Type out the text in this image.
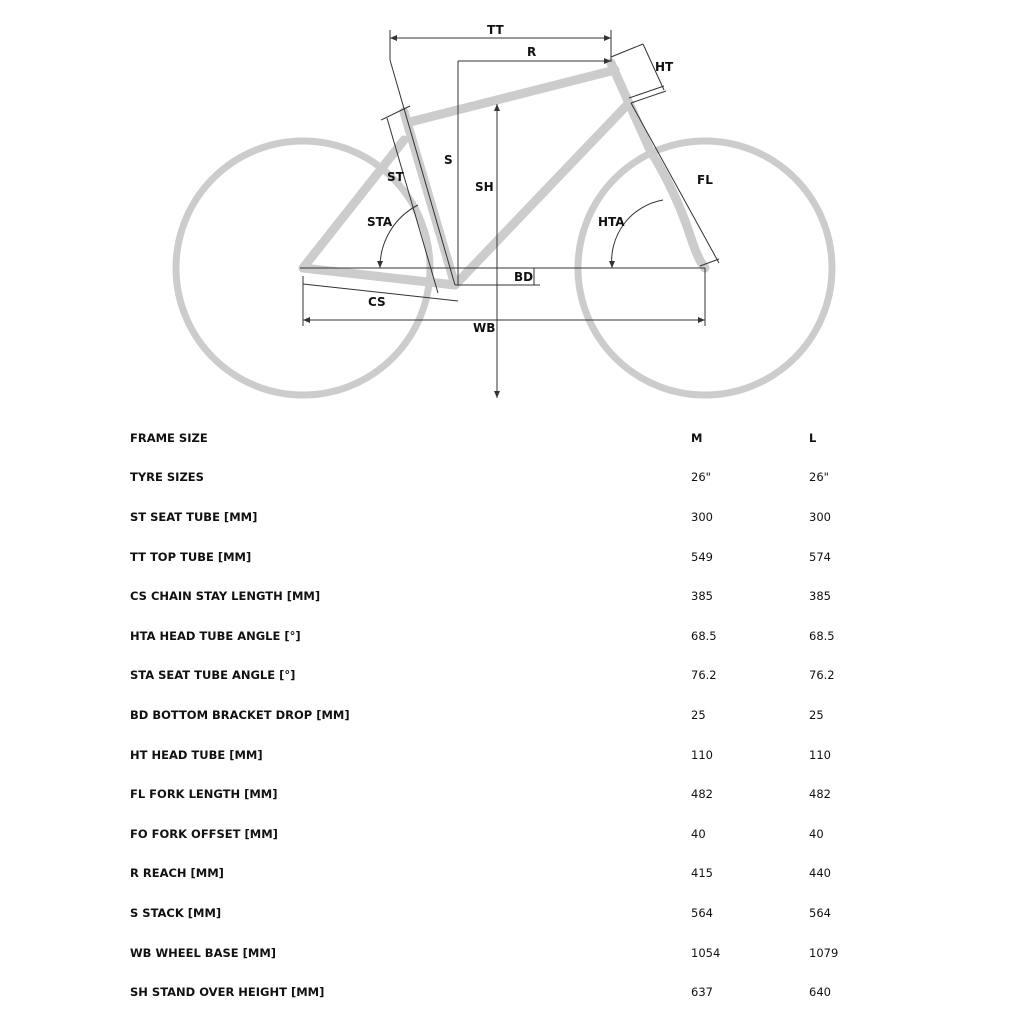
TT
R
HT
S
ST
SH	FL
STA	HTA
BD
CS
WB
FRAME SIZE	M	L
TYRE SIZES	26"	26"
ST SEAT TUBE [MM]	300	300
TT TOP TUBE [MM]	549	574
CS CHAIN STAY LENGTH [MM]	385	385
HTA HEAD TUBE ANGLE [°]	68.5	68.5
STA SEAT TUBE ANGLE [°]	76.2	76.2
BD BOTTOM BRACKET DROP [MM]	25	25
HT HEAD TUBE [MM]	110	110
FL FORK LENGTH [MM]	482	482
FO FORK OFFSET [MM]	40	40
R REACH [MM]	415	440
S STACK [MM]	564	564
WB WHEEL BASE [MM]	1054	1079
SH STAND OVER HEIGHT [MM]	637	640
